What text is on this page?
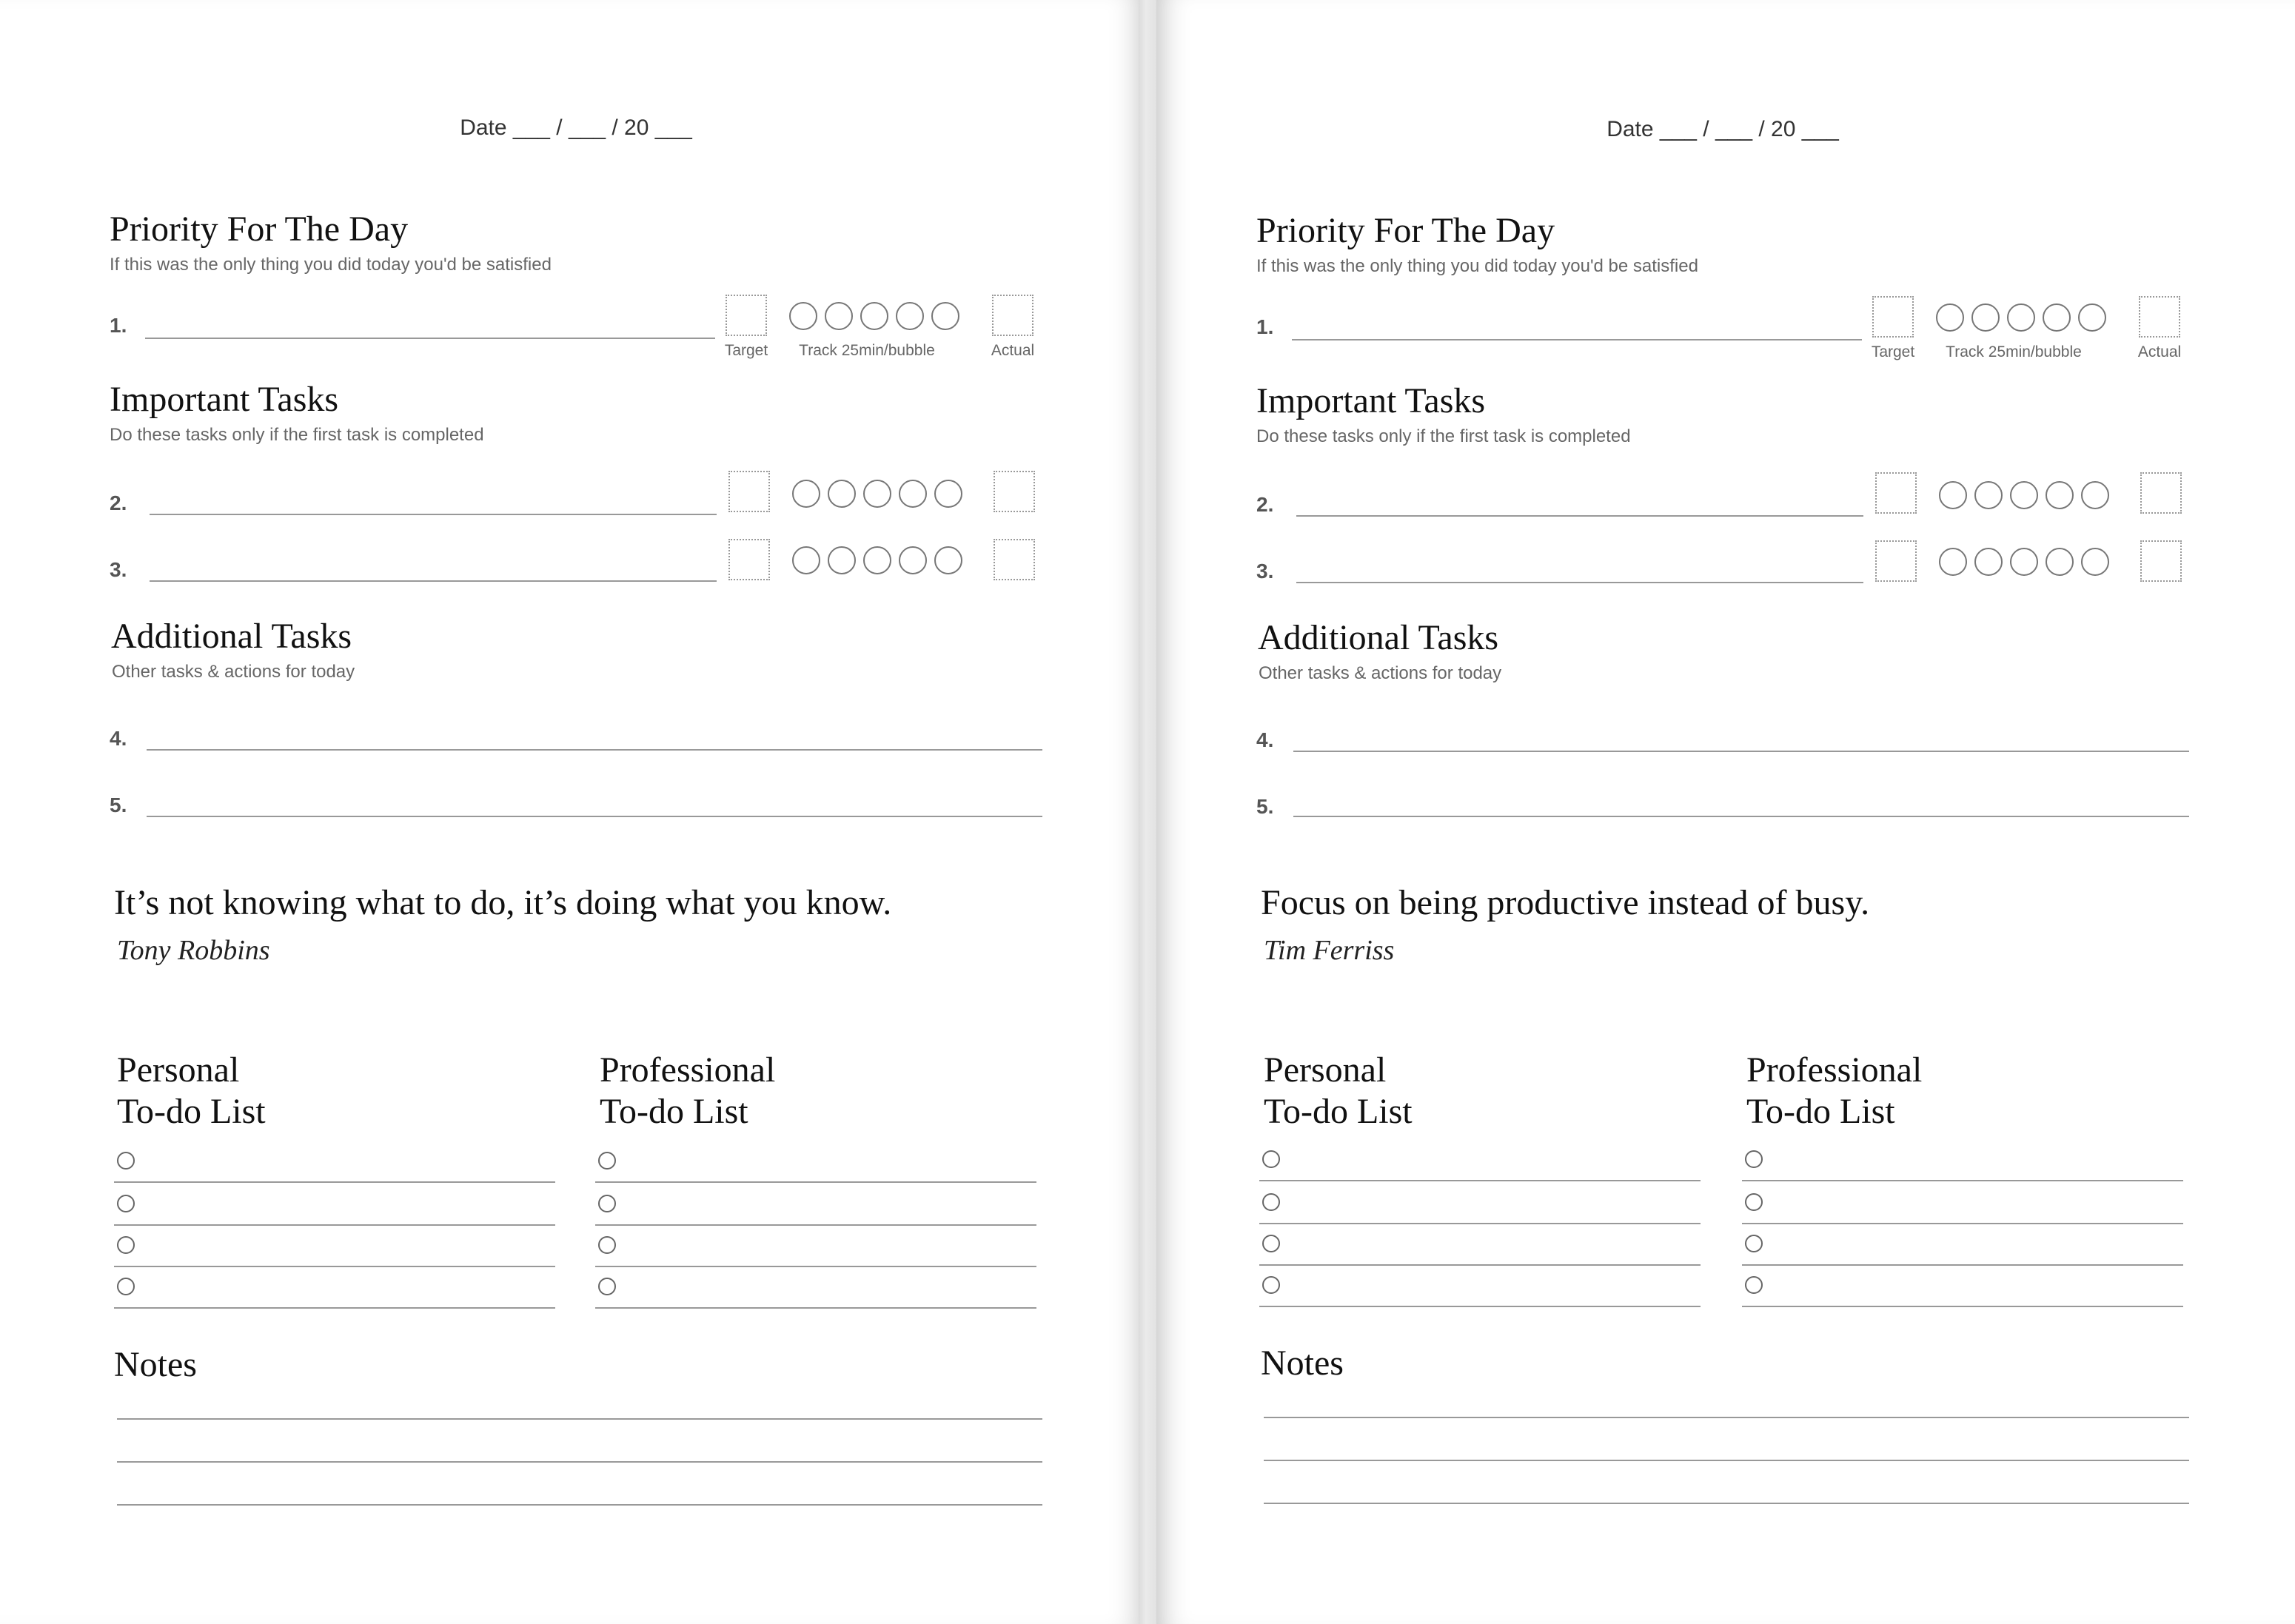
Date ___ / ___ / 20 ___
Priority For The Day
If this was the only thing you did today you'd be satisfied
1.
Target	Track 25min/bubble	Actual
Important Tasks
Do these tasks only if the first task is completed
2.
3.
Additional Tasks
Other tasks & actions for today
4.
5.
It’s not knowing what to do, it’s doing what you know.
Tony Robbins
Personal
To-do List
Professional
To-do List
Notes
Date ___ / ___ / 20 ___
Priority For The Day
If this was the only thing you did today you'd be satisfied
1.
Target	Track 25min/bubble	Actual
Important Tasks
Do these tasks only if the first task is completed
2.
3.
Additional Tasks
Other tasks & actions for today
4.
5.
Focus on being productive instead of busy.
Tim Ferriss
Personal
To-do List
Professional
To-do List
Notes
